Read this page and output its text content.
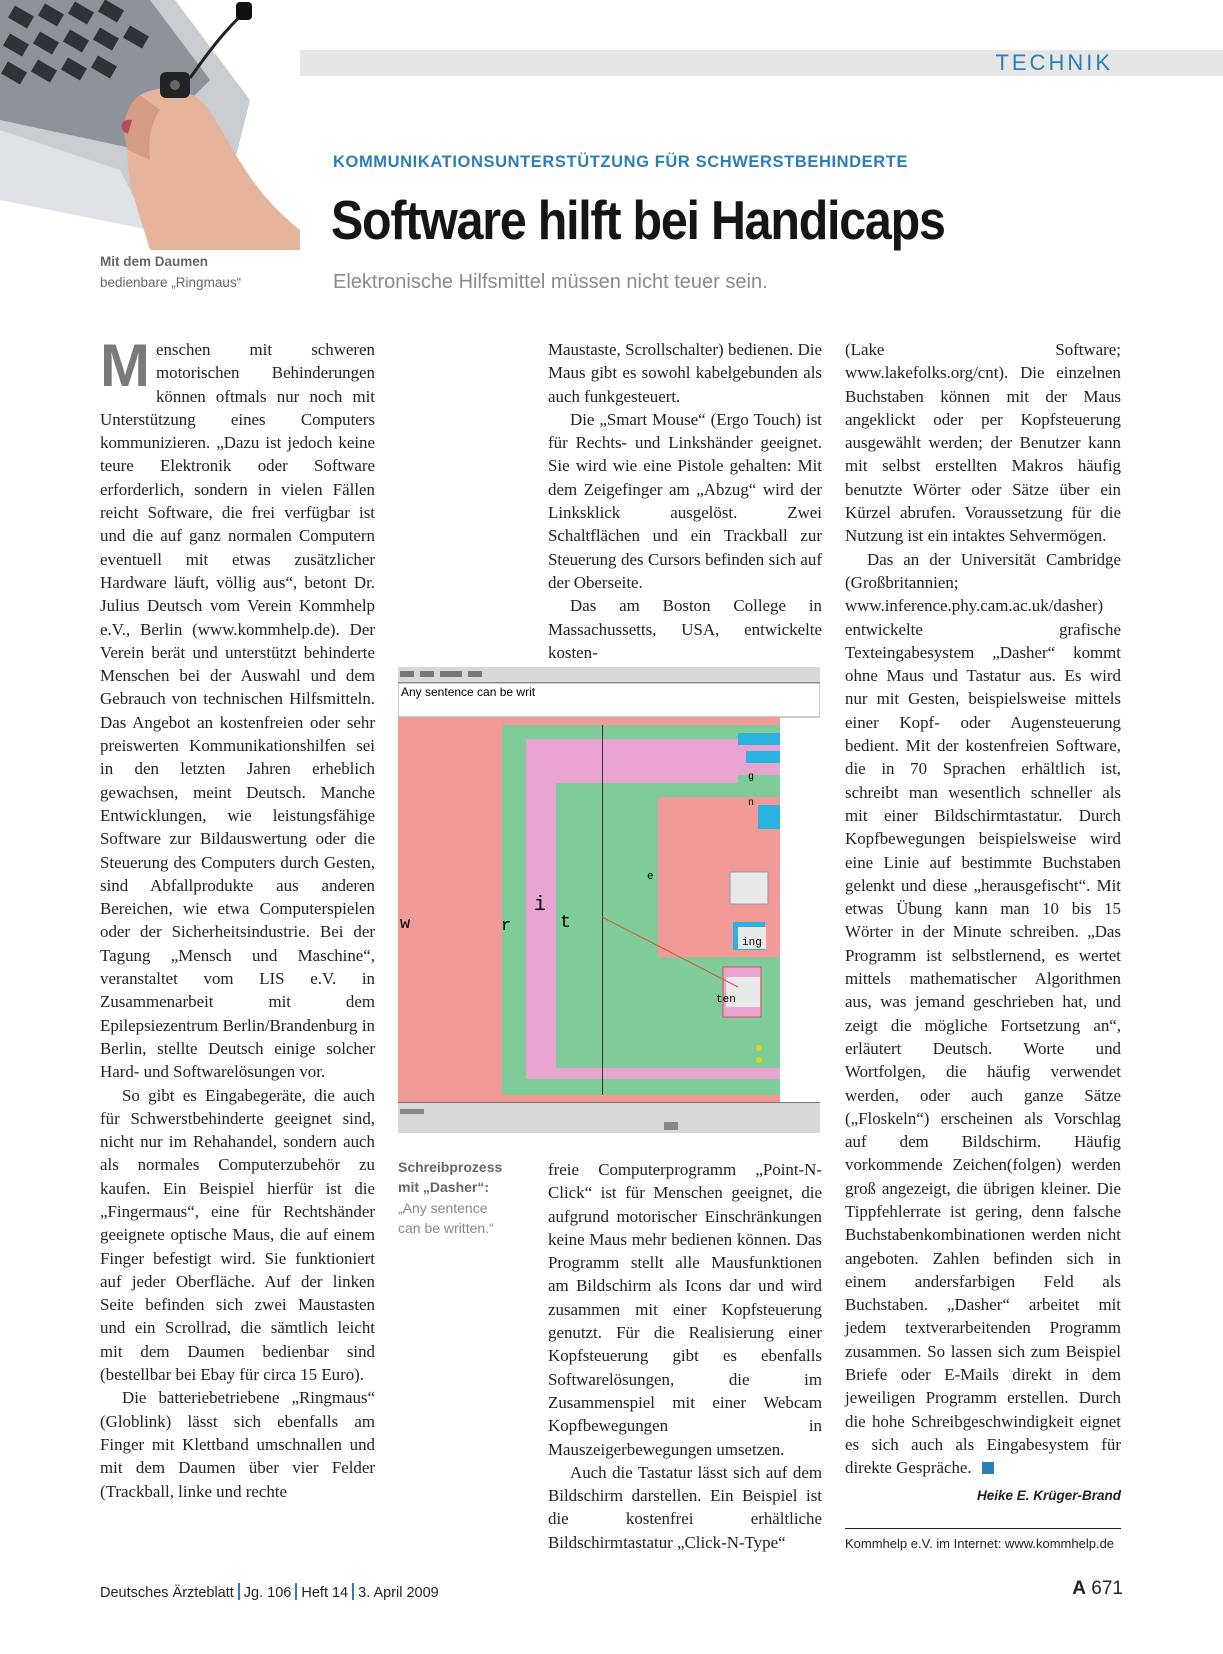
TECHNIK
Mit dem Daumen
bedienbare „Ringmaus“
KOMMUNIKATIONSUNTERSTÜTZUNG FÜR SCHWERSTBEHINDERTE
Software hilft bei Handicaps
Elektronische Hilfsmittel müssen nicht teuer sein.

Menschen mit schweren motorischen Behinderungen können oftmals nur noch mit Unterstützung eines Computers kommunizieren. „Dazu ist jedoch keine teure Elektronik oder Software erforderlich, sondern in vielen Fällen reicht Software, die frei verfügbar ist und die auf ganz normalen Computern eventuell mit etwas zusätzlicher Hardware läuft, völlig aus“, betont Dr. Julius Deutsch vom Verein Kommhelp e.V., Berlin (www.kommhelp.de). Der Verein berät und unterstützt behinderte Menschen bei der Auswahl und dem Gebrauch von technischen Hilfsmitteln. Das Angebot an kostenfreien oder sehr preiswerten Kommunikationshilfen sei in den letzten Jahren erheblich gewachsen, meint Deutsch. Manche Entwicklungen, wie leistungsfähige Software zur Bildauswertung oder die Steuerung des Computers durch Gesten, sind Abfallprodukte aus anderen Bereichen, wie etwa Computerspielen oder der Sicherheitsindustrie. Bei der Tagung „Mensch und Maschine“, veranstaltet vom LIS e.V. in Zusammenarbeit mit dem Epilepsiezentrum Berlin/Brandenburg in Berlin, stellte Deutsch einige solcher Hard- und Softwarelösungen vor.

So gibt es Eingabegeräte, die auch für Schwerstbehinderte geeignet sind, nicht nur im Rehahandel, sondern auch als normales Computerzubehör zu kaufen. Ein Beispiel hierfür ist die „Fingermaus“, eine für Rechtshänder geeignete optische Maus, die auf einem Finger befestigt wird. Sie funktioniert auf jeder Oberfläche. Auf der linken Seite befinden sich zwei Maustasten und ein Scrollrad, die sämtlich leicht mit dem Daumen bedienbar sind (bestellbar bei Ebay für circa 15 Euro).

Die batteriebetriebene „Ringmaus“ (Globlink) lässt sich ebenfalls am Finger mit Klettband umschnallen und mit dem Daumen über vier Felder (Trackball, linke und rechte

Maustaste, Scrollschalter) bedienen. Die Maus gibt es sowohl kabelgebunden als auch funkgesteuert.

Die „Smart Mouse“ (Ergo Touch) ist für Rechts- und Linkshänder geeignet. Sie wird wie eine Pistole gehalten: Mit dem Zeigefinger am „Abzug“ wird der Linksklick ausgelöst. Zwei Schaltflächen und ein Trackball zur Steuerung des Cursors befinden sich auf der Oberseite.

Das am Boston College in Massachussetts, USA, entwickelte kosten-

Any sentence can be writ
w	r
i
t
e
ing
ten
g
n
Schreibprozess mit „Dasher“:
„Any sentence can be written.“

freie Computerprogramm „Point-N-Click“ ist für Menschen geeignet, die aufgrund motorischer Einschränkungen keine Maus mehr bedienen können. Das Programm stellt alle Mausfunktionen am Bildschirm als Icons dar und wird zusammen mit einer Kopfsteuerung genutzt. Für die Realisierung einer Kopfsteuerung gibt es ebenfalls Softwarelösungen, die im Zusammenspiel mit einer Webcam Kopfbewegungen in Mauszeigerbewegungen umsetzen.

Auch die Tastatur lässt sich auf dem Bildschirm darstellen. Ein Beispiel ist die kostenfrei erhältliche Bildschirmtastatur „Click-N-Type“

(Lake Software; www.lakefolks.org/cnt). Die einzelnen Buchstaben können mit der Maus angeklickt oder per Kopfsteuerung ausgewählt werden; der Benutzer kann mit selbst erstellten Makros häufig benutzte Wörter oder Sätze über ein Kürzel abrufen. Voraussetzung für die Nutzung ist ein intaktes Sehvermögen.

Das an der Universität Cambridge (Großbritannien; www.inference.phy.cam.ac.uk/dasher) entwickelte grafische Texteingabesystem „Dasher“ kommt ohne Maus und Tastatur aus. Es wird nur mit Gesten, beispielsweise mittels einer Kopf- oder Augensteuerung bedient. Mit der kostenfreien Software, die in 70 Sprachen erhältlich ist, schreibt man wesentlich schneller als mit einer Bildschirmtastatur. Durch Kopfbewegungen beispielsweise wird eine Linie auf bestimmte Buchstaben gelenkt und diese „herausgefischt“. Mit etwas Übung kann man 10 bis 15 Wörter in der Minute schreiben. „Das Programm ist selbstlernend, es wertet mittels mathematischer Algorithmen aus, was jemand geschrieben hat, und zeigt die mögliche Fortsetzung an“, erläutert Deutsch. Worte und Wortfolgen, die häufig verwendet werden, oder auch ganze Sätze („Floskeln“) erscheinen als Vorschlag auf dem Bildschirm. Häufig vorkommende Zeichen(folgen) werden groß angezeigt, die übrigen kleiner. Die Tippfehlerrate ist gering, denn falsche Buchstabenkombinationen werden nicht angeboten. Zahlen befinden sich in einem andersfarbigen Feld als Buchstaben. „Dasher“ arbeitet mit jedem textverarbeitenden Programm zusammen. So lassen sich zum Beispiel Briefe oder E-Mails direkt in dem jeweiligen Programm erstellen. Durch die hohe Schreibgeschwindigkeit eignet es sich auch als Eingabesystem für direkte Gespräche.

Heike E. Krüger-Brand
Kommhelp e.V. im Internet: www.kommhelp.de
Deutsches Ärzteblatt Jg. 106 Heft 14 3. April 2009	A 671
